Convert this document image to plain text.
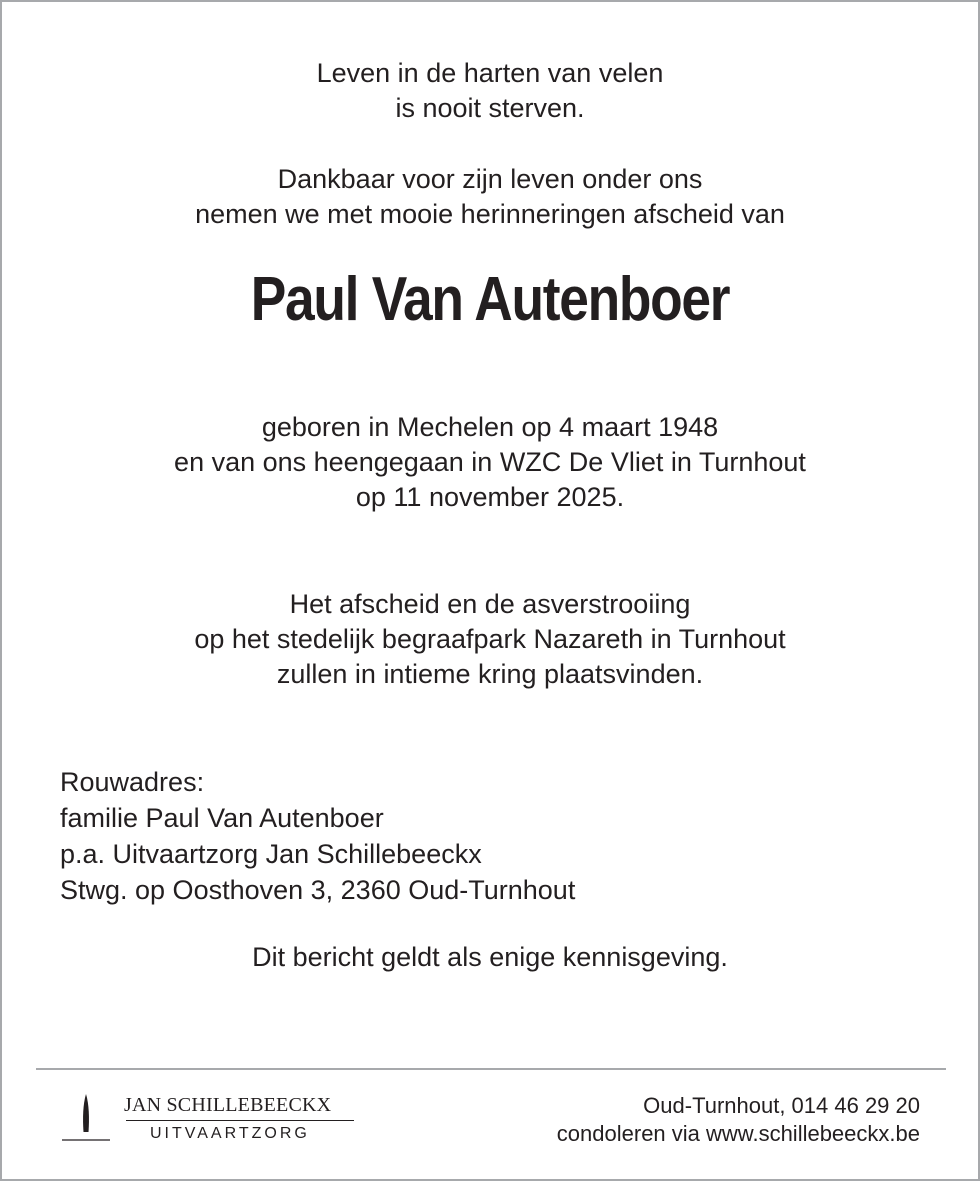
Leven in de harten van velen
is nooit sterven.
Dankbaar voor zijn leven onder ons
nemen we met mooie herinneringen afscheid van
Paul Van Autenboer
geboren in Mechelen op 4 maart 1948
en van ons heengegaan in WZC De Vliet in Turnhout
op 11 november 2025.
Het afscheid en de asverstrooiing
op het stedelijk begraafpark Nazareth in Turnhout
zullen in intieme kring plaatsvinden.
Rouwadres:
familie Paul Van Autenboer
p.a. Uitvaartzorg Jan Schillebeeckx
Stwg. op Oosthoven 3, 2360 Oud-Turnhout
Dit bericht geldt als enige kennisgeving.
JAN SCHILLEBEECKX
UITVAARTZORG
Oud-Turnhout, 014 46 29 20
condoleren via www.schillebeeckx.be
